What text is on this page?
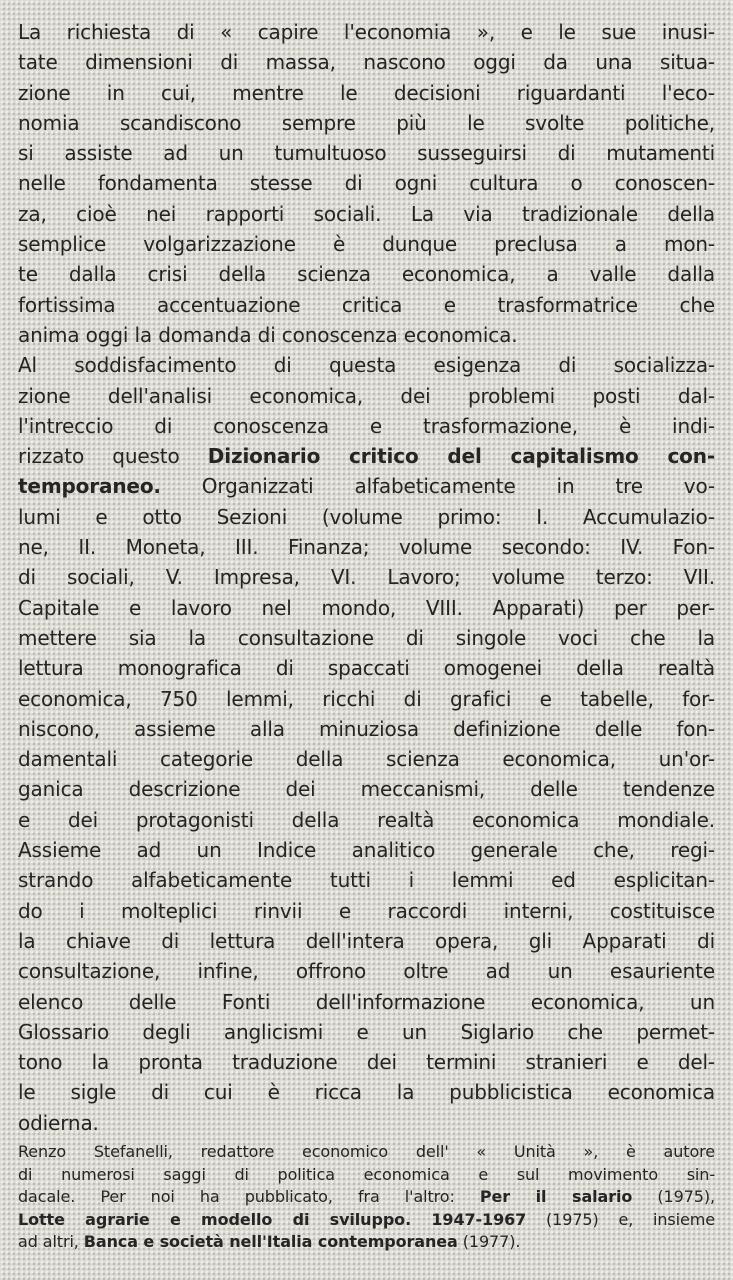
La richiesta di « capire l'economia », e le sue inusi-
tate dimensioni di massa, nascono oggi da una situa-
zione in cui, mentre le decisioni riguardanti l'eco-
nomia scandiscono sempre più le svolte politiche,
si assiste ad un tumultuoso susseguirsi di mutamenti
nelle fondamenta stesse di ogni cultura o conoscen-
za, cioè nei rapporti sociali. La via tradizionale della
semplice volgarizzazione è dunque preclusa a mon-
te dalla crisi della scienza economica, a valle dalla
fortissima accentuazione critica e trasformatrice che
anima oggi la domanda di conoscenza economica.
Al soddisfacimento di questa esigenza di socializza-
zione dell'analisi economica, dei problemi posti dal-
l'intreccio di conoscenza e trasformazione, è indi-
rizzato questo Dizionario critico del capitalismo con-
temporaneo. Organizzati alfabeticamente in tre vo-
lumi e otto Sezioni (volume primo: I. Accumulazio-
ne, II. Moneta, III. Finanza; volume secondo: IV. Fon-
di sociali, V. Impresa, VI. Lavoro; volume terzo: VII.
Capitale e lavoro nel mondo, VIII. Apparati) per per-
mettere sia la consultazione di singole voci che la
lettura monografica di spaccati omogenei della realtà
economica, 750 lemmi, ricchi di grafici e tabelle, for-
niscono, assieme alla minuziosa definizione delle fon-
damentali categorie della scienza economica, un'or-
ganica descrizione dei meccanismi, delle tendenze
e dei protagonisti della realtà economica mondiale.
Assieme ad un Indice analitico generale che, regi-
strando alfabeticamente tutti i lemmi ed esplicitan-
do i molteplici rinvii e raccordi interni, costituisce
la chiave di lettura dell'intera opera, gli Apparati di
consultazione, infine, offrono oltre ad un esauriente
elenco delle Fonti dell'informazione economica, un
Glossario degli anglicismi e un Siglario che permet-
tono la pronta traduzione dei termini stranieri e del-
le sigle di cui è ricca la pubblicistica economica
odierna.
Renzo Stefanelli, redattore economico dell' « Unità », è autore
di numerosi saggi di politica economica e sul movimento sin-
dacale. Per noi ha pubblicato, fra l'altro: Per il salario (1975),
Lotte agrarie e modello di sviluppo. 1947-1967 (1975) e, insieme
ad altri, Banca e società nell'Italia contemporanea (1977).
